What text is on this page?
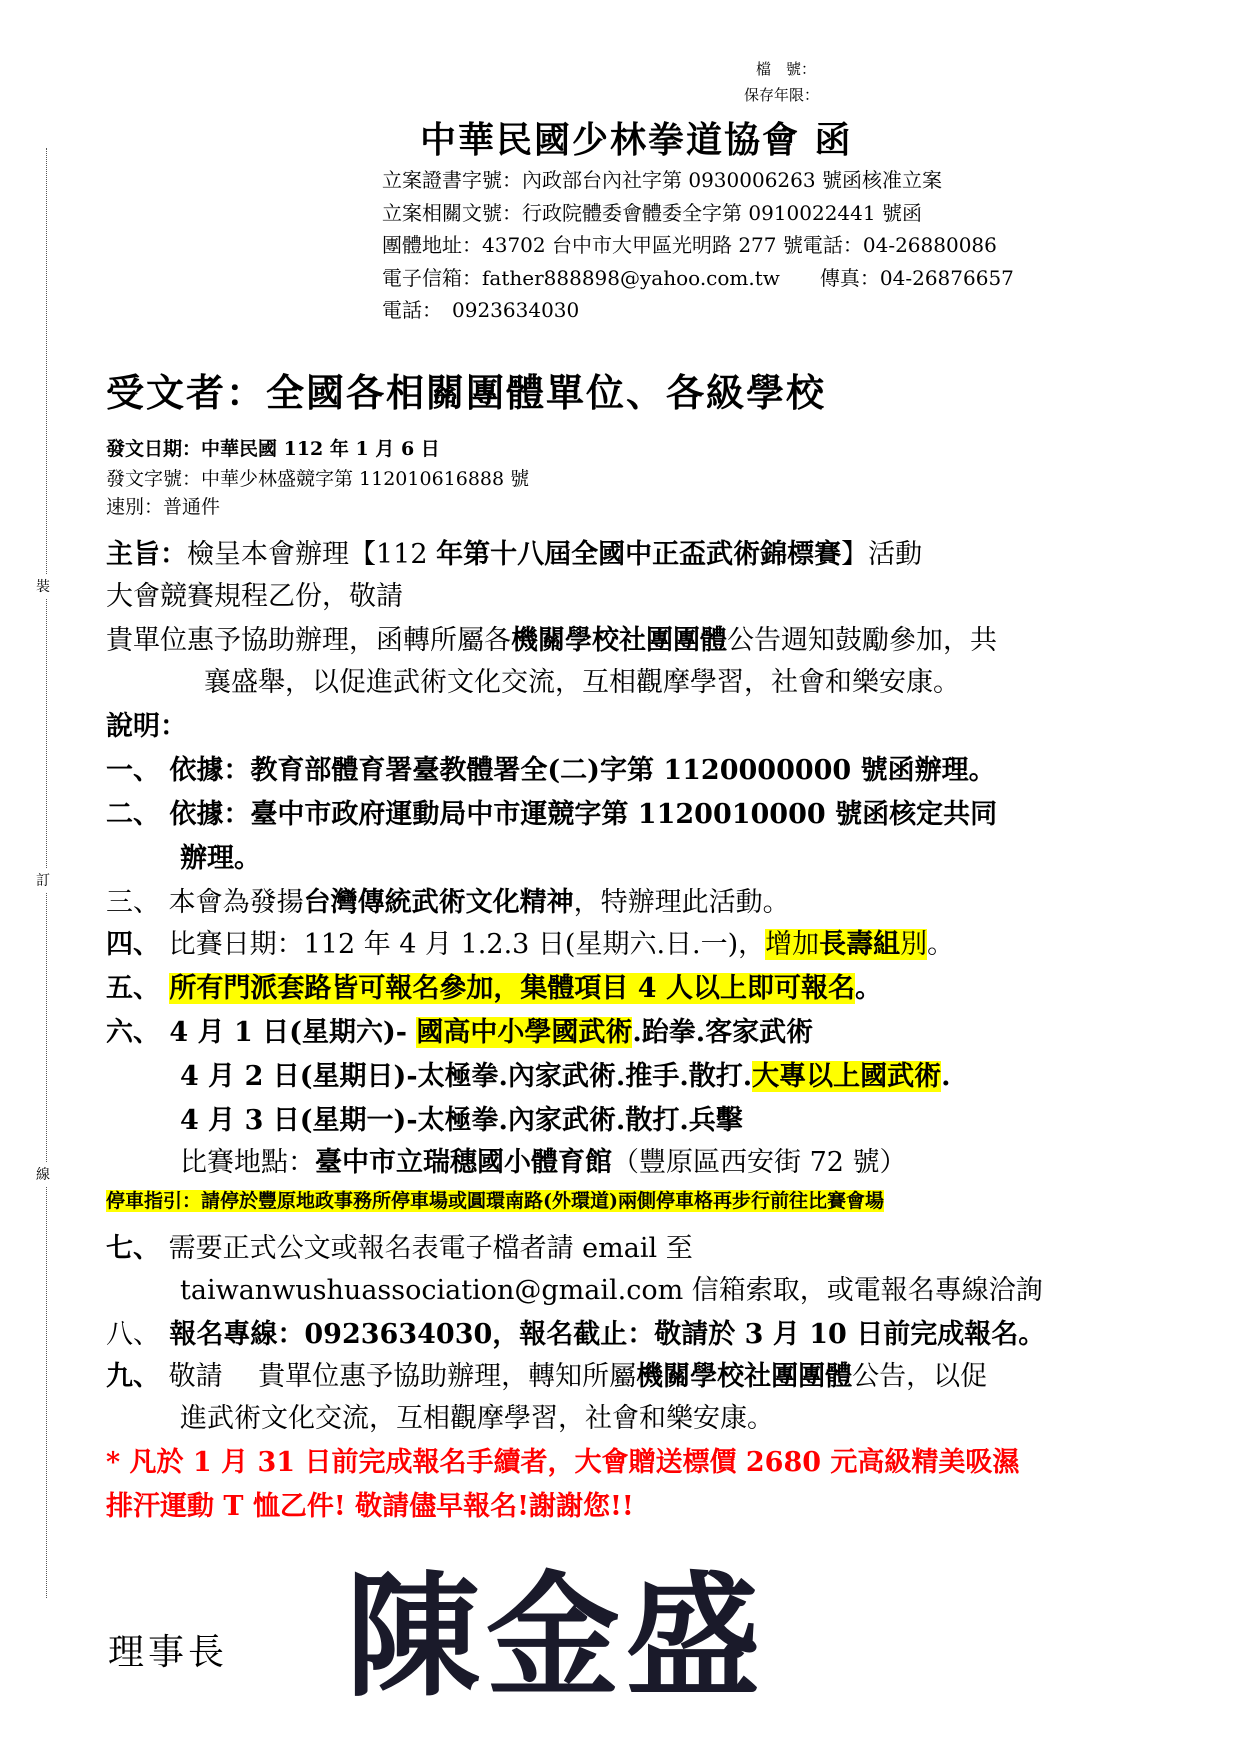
裝
訂
線
檔　號：
保存年限：
中華民國少林拳道協會 函
立案證書字號：內政部台內社字第 0930006263 號函核准立案
立案相關文號：行政院體委會體委全字第 0910022441 號函
團體地址：43702 台中市大甲區光明路 277 號電話：04-26880086
電子信箱：father888898@yahoo.com.tw　　傳真：04-26876657
電話：　0923634030
受文者：全國各相關團體單位、各級學校
發文日期：中華民國 112 年 1 月 6 日
發文字號：中華少林盛競字第 112010616888 號
速別：普通件
主旨：檢呈本會辦理【112 年第十八屆全國中正盃武術錦標賽】活動
大會競賽規程乙份，敬請
貴單位惠予協助辦理，函轉所屬各機關學校社團團體公告週知鼓勵參加，共
襄盛舉，以促進武術文化交流，互相觀摩學習，社會和樂安康。
說明：
一、 依據：教育部體育署臺教體署全(二)字第 1120000000 號函辦理。
二、 依據：臺中市政府運動局中市運競字第 1120010000 號函核定共同
辦理。
三、 本會為發揚台灣傳統武術文化精神，特辦理此活動。
四、 比賽日期：112 年 4 月 1.2.3 日(星期六.日.一)，增加長壽組別。
五、 所有門派套路皆可報名參加，集體項目 4 人以上即可報名。
六、 4 月 1 日(星期六)- 國高中小學國武術.跆拳.客家武術
4 月 2 日(星期日)-太極拳.內家武術.推手.散打.大專以上國武術.
4 月 3 日(星期一)-太極拳.內家武術.散打.兵擊
比賽地點：臺中市立瑞穗國小體育館（豐原區西安街 72 號）
停車指引：請停於豐原地政事務所停車場或圓環南路(外環道)兩側停車格再步行前往比賽會場
七、 需要正式公文或報名表電子檔者請 email 至
taiwanwushuassociation@gmail.com 信箱索取，或電報名專線洽詢
八、 報名專線：0923634030，報名截止：敬請於 3 月 10 日前完成報名。
九、 敬請　 貴單位惠予協助辦理，轉知所屬機關學校社團團體公告，以促
進武術文化交流，互相觀摩學習，社會和樂安康。
* 凡於 1 月 31 日前完成報名手續者，大會贈送標價 2680 元高級精美吸濕
排汗運動 T 恤乙件! 敬請儘早報名!謝謝您!!
理事長 陳金盛
